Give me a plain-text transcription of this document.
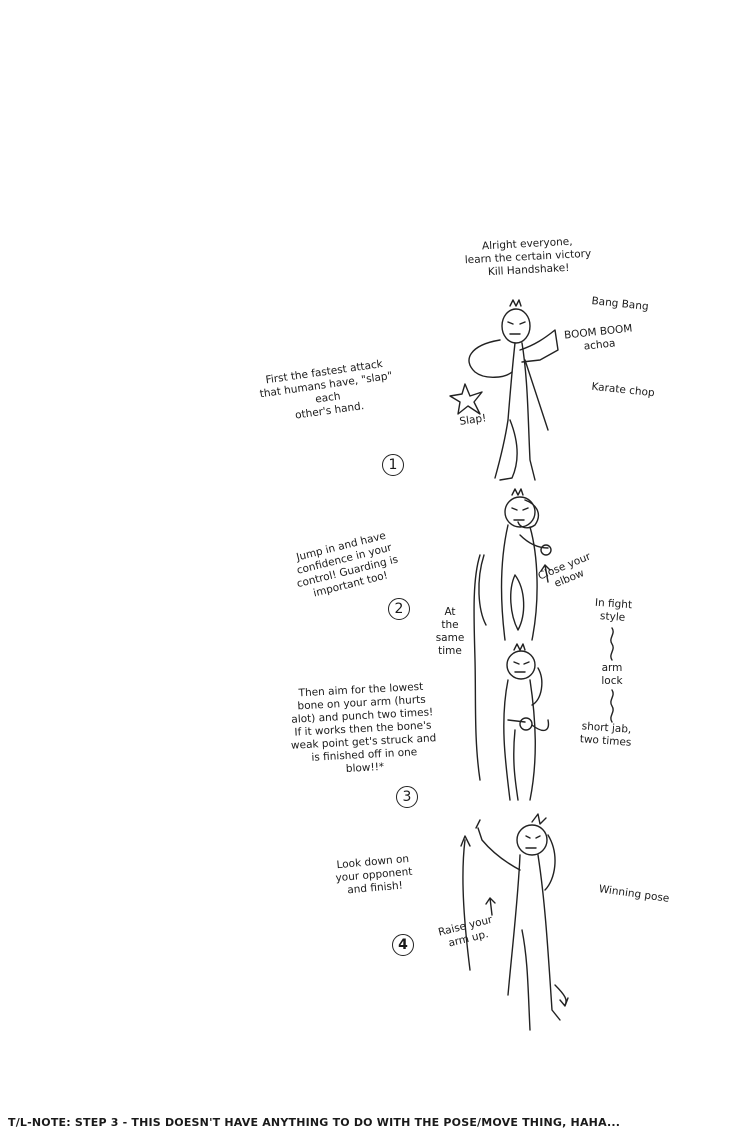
Alright everyone,
learn the certain victory
Kill Handshake!
Bang Bang
BOOM BOOM
achoa
Karate chop
Slap!
First the fastest attack
that humans have, "slap" each
other's hand.
1
Jump in and have
confidence in your
control! Guarding is
important too!
2
Then aim for the lowest
bone on your arm (hurts
alot) and punch two times!
If it works then the bone's
weak point get's struck and
is finished off in one
blow!!*
3
Look down on
your opponent
and finish!
4
Close your
elbow
At
the
same
time
In fight
style
arm
lock
short jab,
two times
Raise your
arm up.
Winning pose
T/L-NOTE: STEP 3 - THIS DOESN'T HAVE ANYTHING TO DO WITH THE POSE/MOVE THING, HAHA...
